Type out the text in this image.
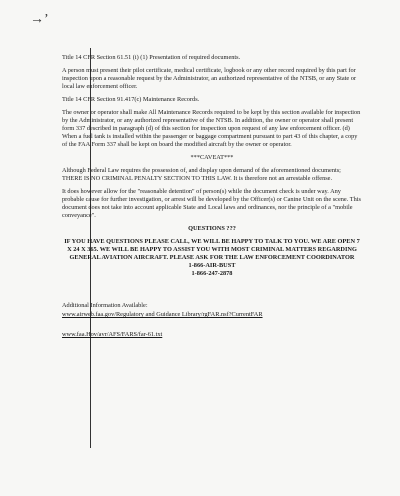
→’

Title 14 CFR Section 61.51 (i) (1) Presentation of required documents.

A person must present their pilot certificate, medical certificate, logbook or any other record required by this part for inspection upon a reasonable request by the Administrator, an authorized representative of the NTSB, or any State or local law enforcement officer.

Title 14 CFR Section 91.417(c) Maintenance Records.

The owner or operator shall make All Maintenance Records required to be kept by this section available for inspection by the Administrator, or any authorized representative of the NTSB. In addition, the owner or operator shall present form 337 described in paragraph (d) of this section for inspection upon request of any law enforcement officer. (d) When a fuel tank is installed within the passenger or baggage compartment pursuant to part 43 of this chapter, a copy of the FAA Form 337 shall be kept on board the modified aircraft by the owner or operator.

***CAVEAT***

Although Federal Law requires the possession of, and display upon demand of the aforementioned documents; THERE IS NO CRIMINAL PENALTY SECTION TO THIS LAW. It is therefore not an arrestable offense.

It does however allow for the "reasonable detention" of person(s) while the document check is under way. Any probable cause for further investigation, or arrest will be developed by the Officer(s) or Canine Unit on the scene. This document does not take into account applicable State and Local laws and ordinances, nor the principle of a "mobile conveyance".

QUESTIONS ???

IF YOU HAVE QUESTIONS PLEASE CALL, WE WILL BE HAPPY TO TALK TO YOU. WE ARE OPEN 7 X 24 X 365. WE WILL BE HAPPY TO ASSIST YOU WITH MOST CRIMINAL MATTERS REGARDING GENERAL AVIATION AIRCRAFT. PLEASE ASK FOR THE LAW ENFORCEMENT COORDINATOR

1-866-AIR-BUST

1-866-247-2878

Additional Information Available:

www.airweb.faa.gov/Regulatory and Guidance Library/rgFAR.nsf?CurrentFAR

www.faa.Hov/avr/AFS/FARS/far-61.txt
